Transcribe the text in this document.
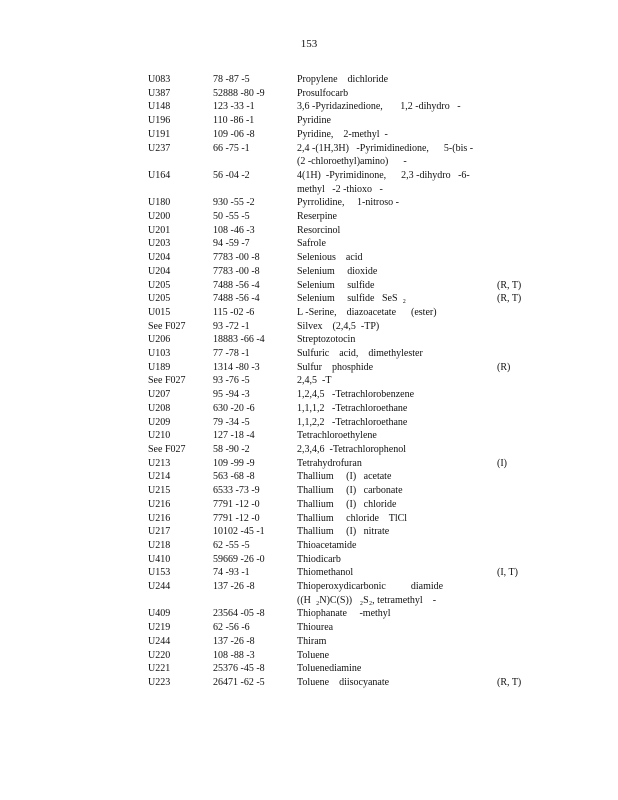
153
U083	78 -87 -5	Propylene    dichloride
U387	52888 -80 -9	Prosulfocarb
U148	123 -33 -1	3,6 -Pyridazinedione,       1,2 -dihydro   -
U196	110 -86 -1	Pyridine
U191	109 -06 -8	Pyridine,    2-methyl  -
U237	66 -75 -1	2,4 -(1H,3H)   -Pyrimidinedione,      5-(bis -
(2 -chloroethyl)amino)      -
U164	56 -04 -2	4(1H)  -Pyrimidinone,      2,3 -dihydro   -6-
methyl   -2 -thioxo   -
U180	930 -55 -2	Pyrrolidine,     1-nitroso -
U200	50 -55 -5	Reserpine
U201	108 -46 -3	Resorcinol
U203	94 -59 -7	Safrole
U204	7783 -00 -8	Selenious    acid
U204	7783 -00 -8	Selenium     dioxide
U205	7488 -56 -4	Selenium     sulfide	(R, T)
U205	7488 -56 -4	Selenium     sulfide   SeS  ₂	(R, T)
U015	115 -02 -6	L -Serine,    diazoacetate      (ester)
See F027	93 -72 -1	Silvex    (2,4,5  -TP)
U206	18883 -66 -4	Streptozotocin
U103	77 -78 -1	Sulfuric    acid,    dimethylester
U189	1314 -80 -3	Sulfur    phosphide	(R)
See F027	93 -76 -5	2,4,5  -T
U207	95 -94 -3	1,2,4,5   -Tetrachlorobenzene
U208	630 -20 -6	1,1,1,2   -Tetrachloroethane
U209	79 -34 -5	1,1,2,2   -Tetrachloroethane
U210	127 -18 -4	Tetrachloroethylene
See F027	58 -90 -2	2,3,4,6  -Tetrachlorophenol
U213	109 -99 -9	Tetrahydrofuran	(I)
U214	563 -68 -8	Thallium     (I)   acetate
U215	6533 -73 -9	Thallium     (I)   carbonate
U216	7791 -12 -0	Thallium     (I)   chloride
U216	7791 -12 -0	Thallium     chloride    TlCl
U217	10102 -45 -1	Thallium     (I)   nitrate
U218	62 -55 -5	Thioacetamide
U410	59669 -26 -0	Thiodicarb
U153	74 -93 -1	Thiomethanol	(I, T)
U244	137 -26 -8	Thioperoxydicarbonic          diamide
((H  ₂N)C(S))   ₂S₂, tetramethyl    -
U409	23564 -05 -8	Thiophanate     -methyl
U219	62 -56 -6	Thiourea
U244	137 -26 -8	Thiram
U220	108 -88 -3	Toluene
U221	25376 -45 -8	Toluenediamine
U223	26471 -62 -5	Toluene    diisocyanate	(R, T)
